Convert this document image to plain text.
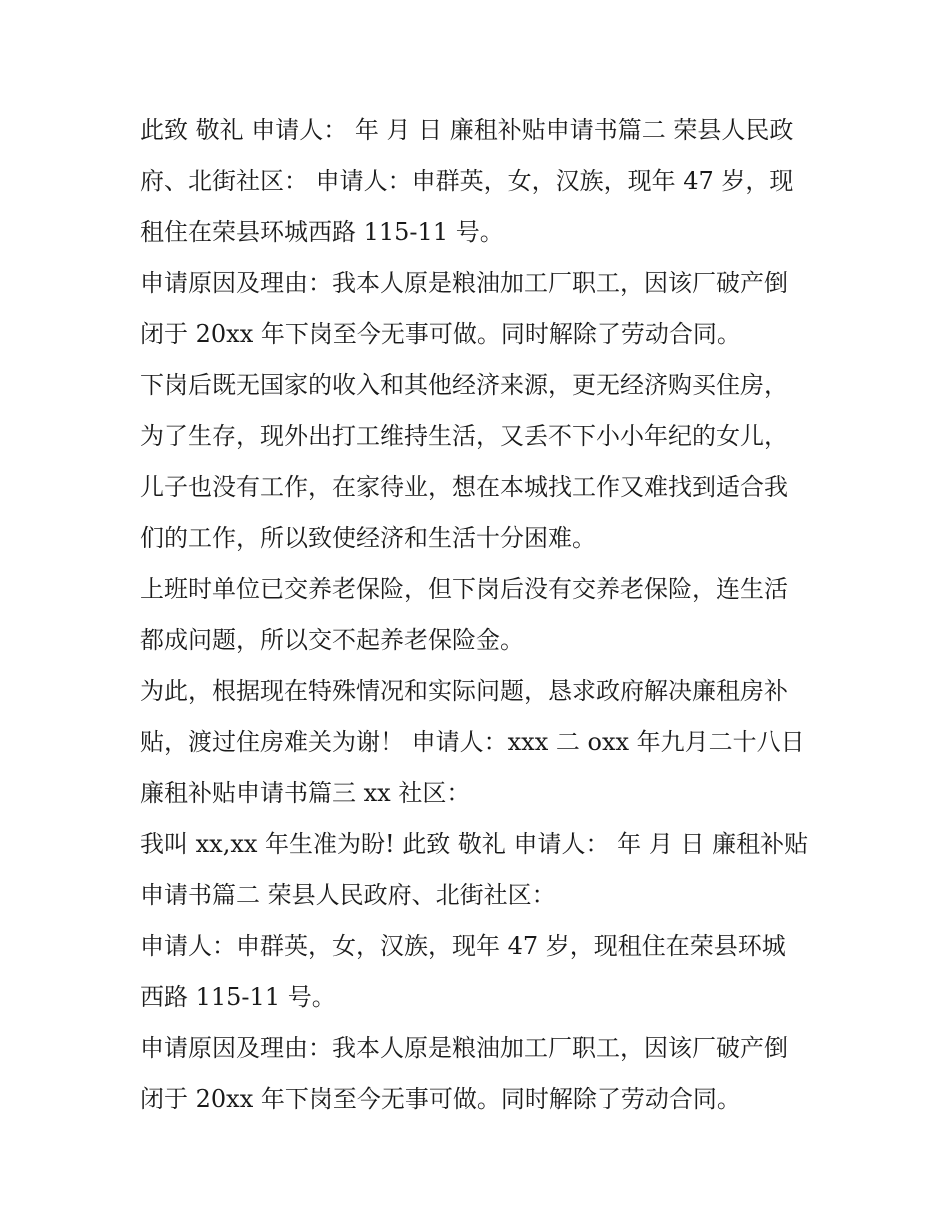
此致 敬礼 申请人： 年 月 日 廉租补贴申请书篇二 荣县人民政
府、北街社区： 申请人：申群英，女，汉族，现年 47 岁，现
租住在荣县环城西路 115-11 号。

申请原因及理由：我本人原是粮油加工厂职工，因该厂破产倒
闭于 20xx 年下岗至今无事可做。同时解除了劳动合同。

下岗后既无国家的收入和其他经济来源，更无经济购买住房，
为了生存，现外出打工维持生活，又丢不下小小年纪的女儿，
儿子也没有工作，在家待业，想在本城找工作又难找到适合我
们的工作，所以致使经济和生活十分困难。

上班时单位已交养老保险，但下岗后没有交养老保险，连生活
都成问题，所以交不起养老保险金。

为此，根据现在特殊情况和实际问题，恳求政府解决廉租房补
贴，渡过住房难关为谢！ 申请人：xxx 二 oxx 年九月二十八日
廉租补贴申请书篇三 xx 社区：

我叫 xx,xx 年生准为盼! 此致 敬礼 申请人： 年 月 日 廉租补贴
申请书篇二 荣县人民政府、北街社区：

申请人：申群英，女，汉族，现年 47 岁，现租住在荣县环城
西路 115-11 号。

申请原因及理由：我本人原是粮油加工厂职工，因该厂破产倒
闭于 20xx 年下岗至今无事可做。同时解除了劳动合同。
